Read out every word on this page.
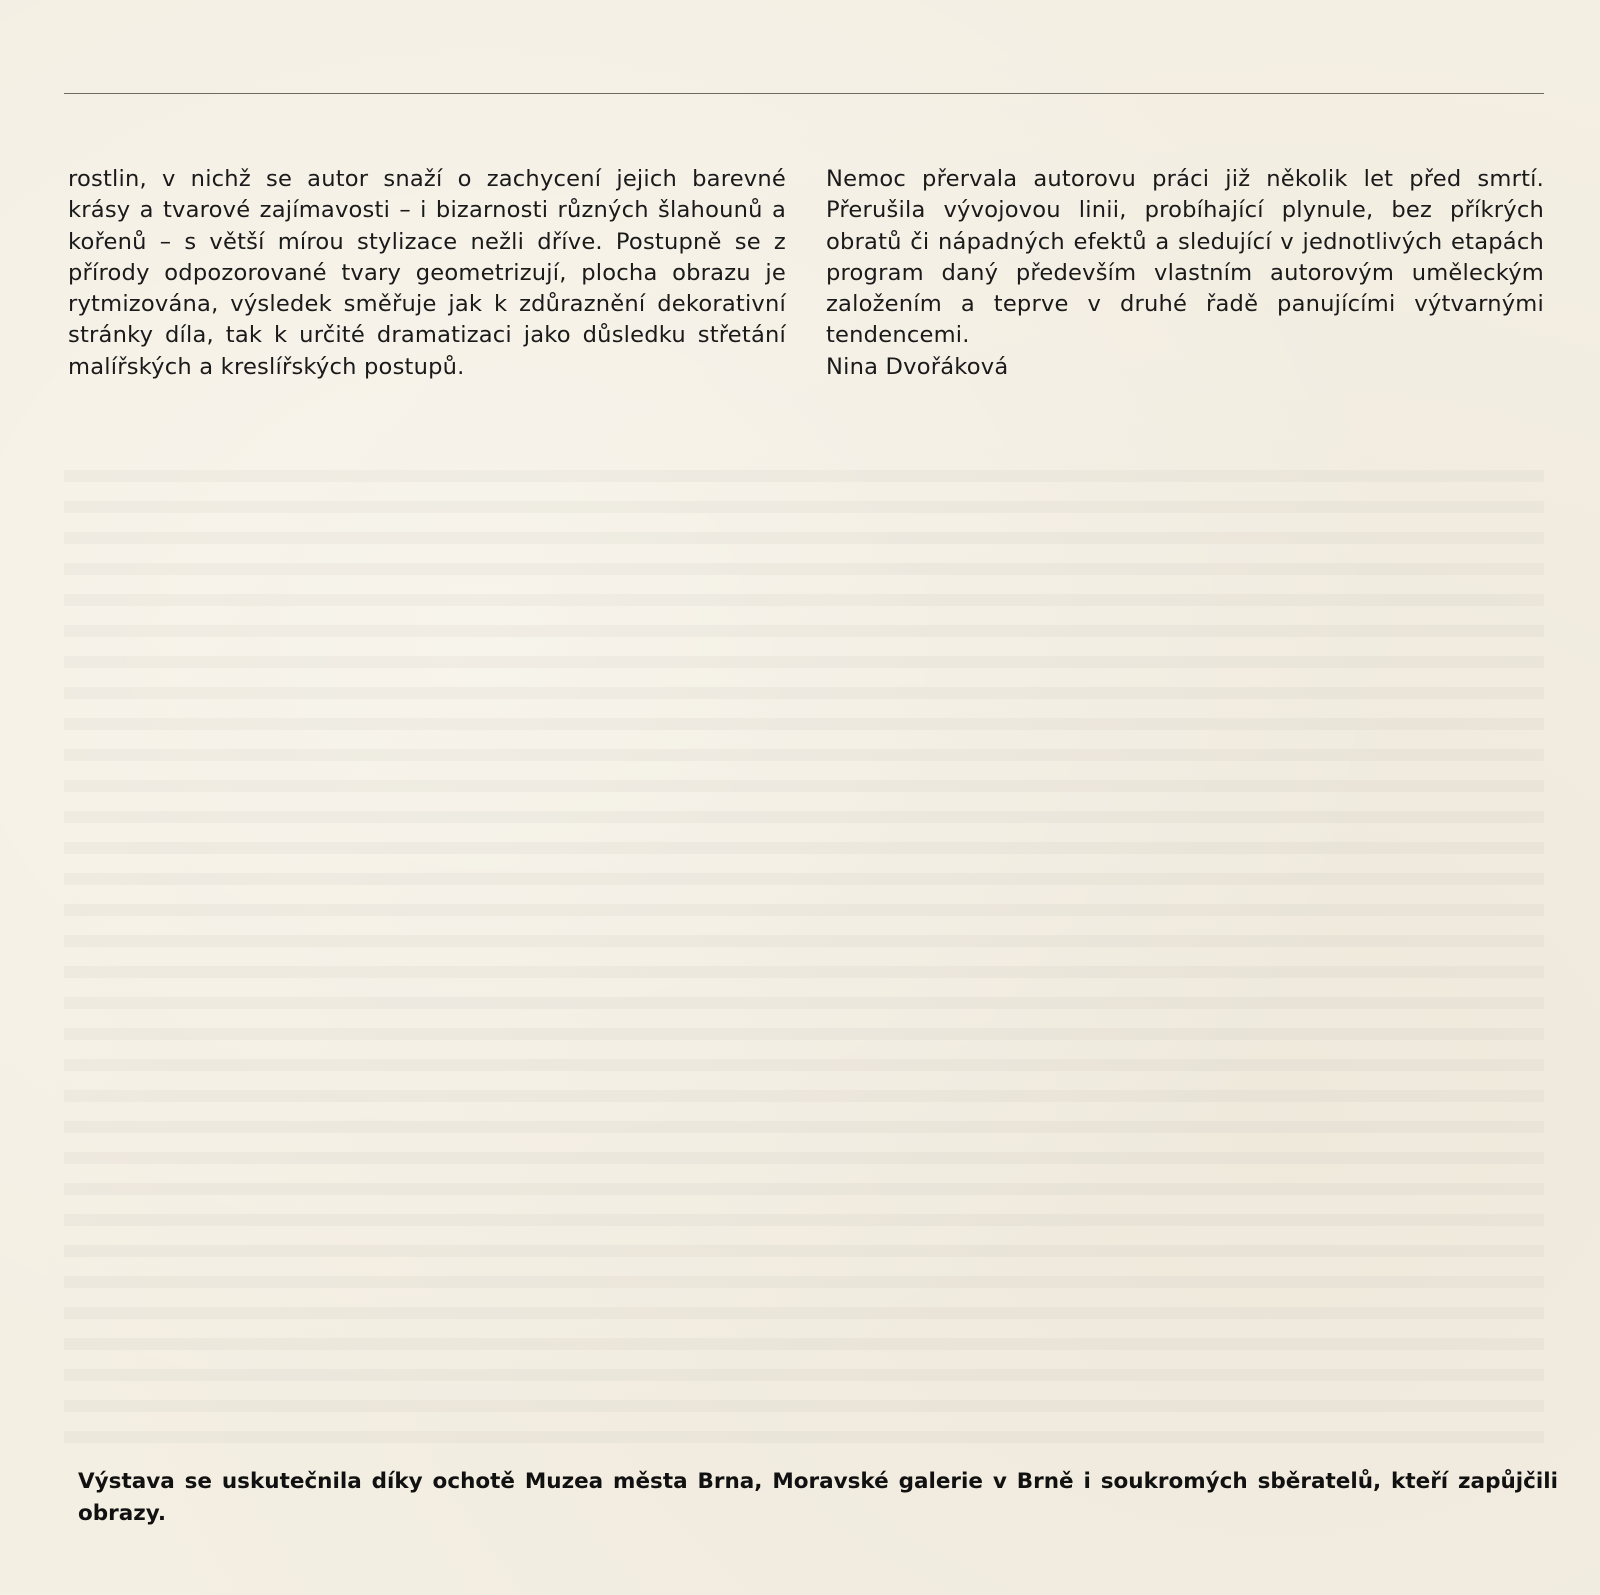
rostlin, v nichž se autor snaží o zachycení jejich barevné krásy a tvarové zajímavosti – i bizarnosti různých šlahounů a kořenů – s větší mírou stylizace nežli dříve. Postupně se z přírody odpozorované tvary geometrizují, plocha obrazu je rytmizována, výsledek směřuje jak k zdůraznění dekorativní stránky díla, tak k určité dramatizaci jako důsledku střetání malířských a kreslířských postupů.

Nemoc přervala autorovu práci již několik let před smrtí. Přerušila vývojovou linii, probíhající plynule, bez příkrých obratů či nápadných efektů a sledující v jednotlivých etapách program daný především vlastním autorovým uměleckým založením a teprve v druhé řadě panujícími výtvarnými tendencemi.

Nina Dvořáková

Výstava se uskutečnila díky ochotě Muzea města Brna, Moravské galerie v Brně i soukromých sběratelů, kteří zapůjčili obrazy.
